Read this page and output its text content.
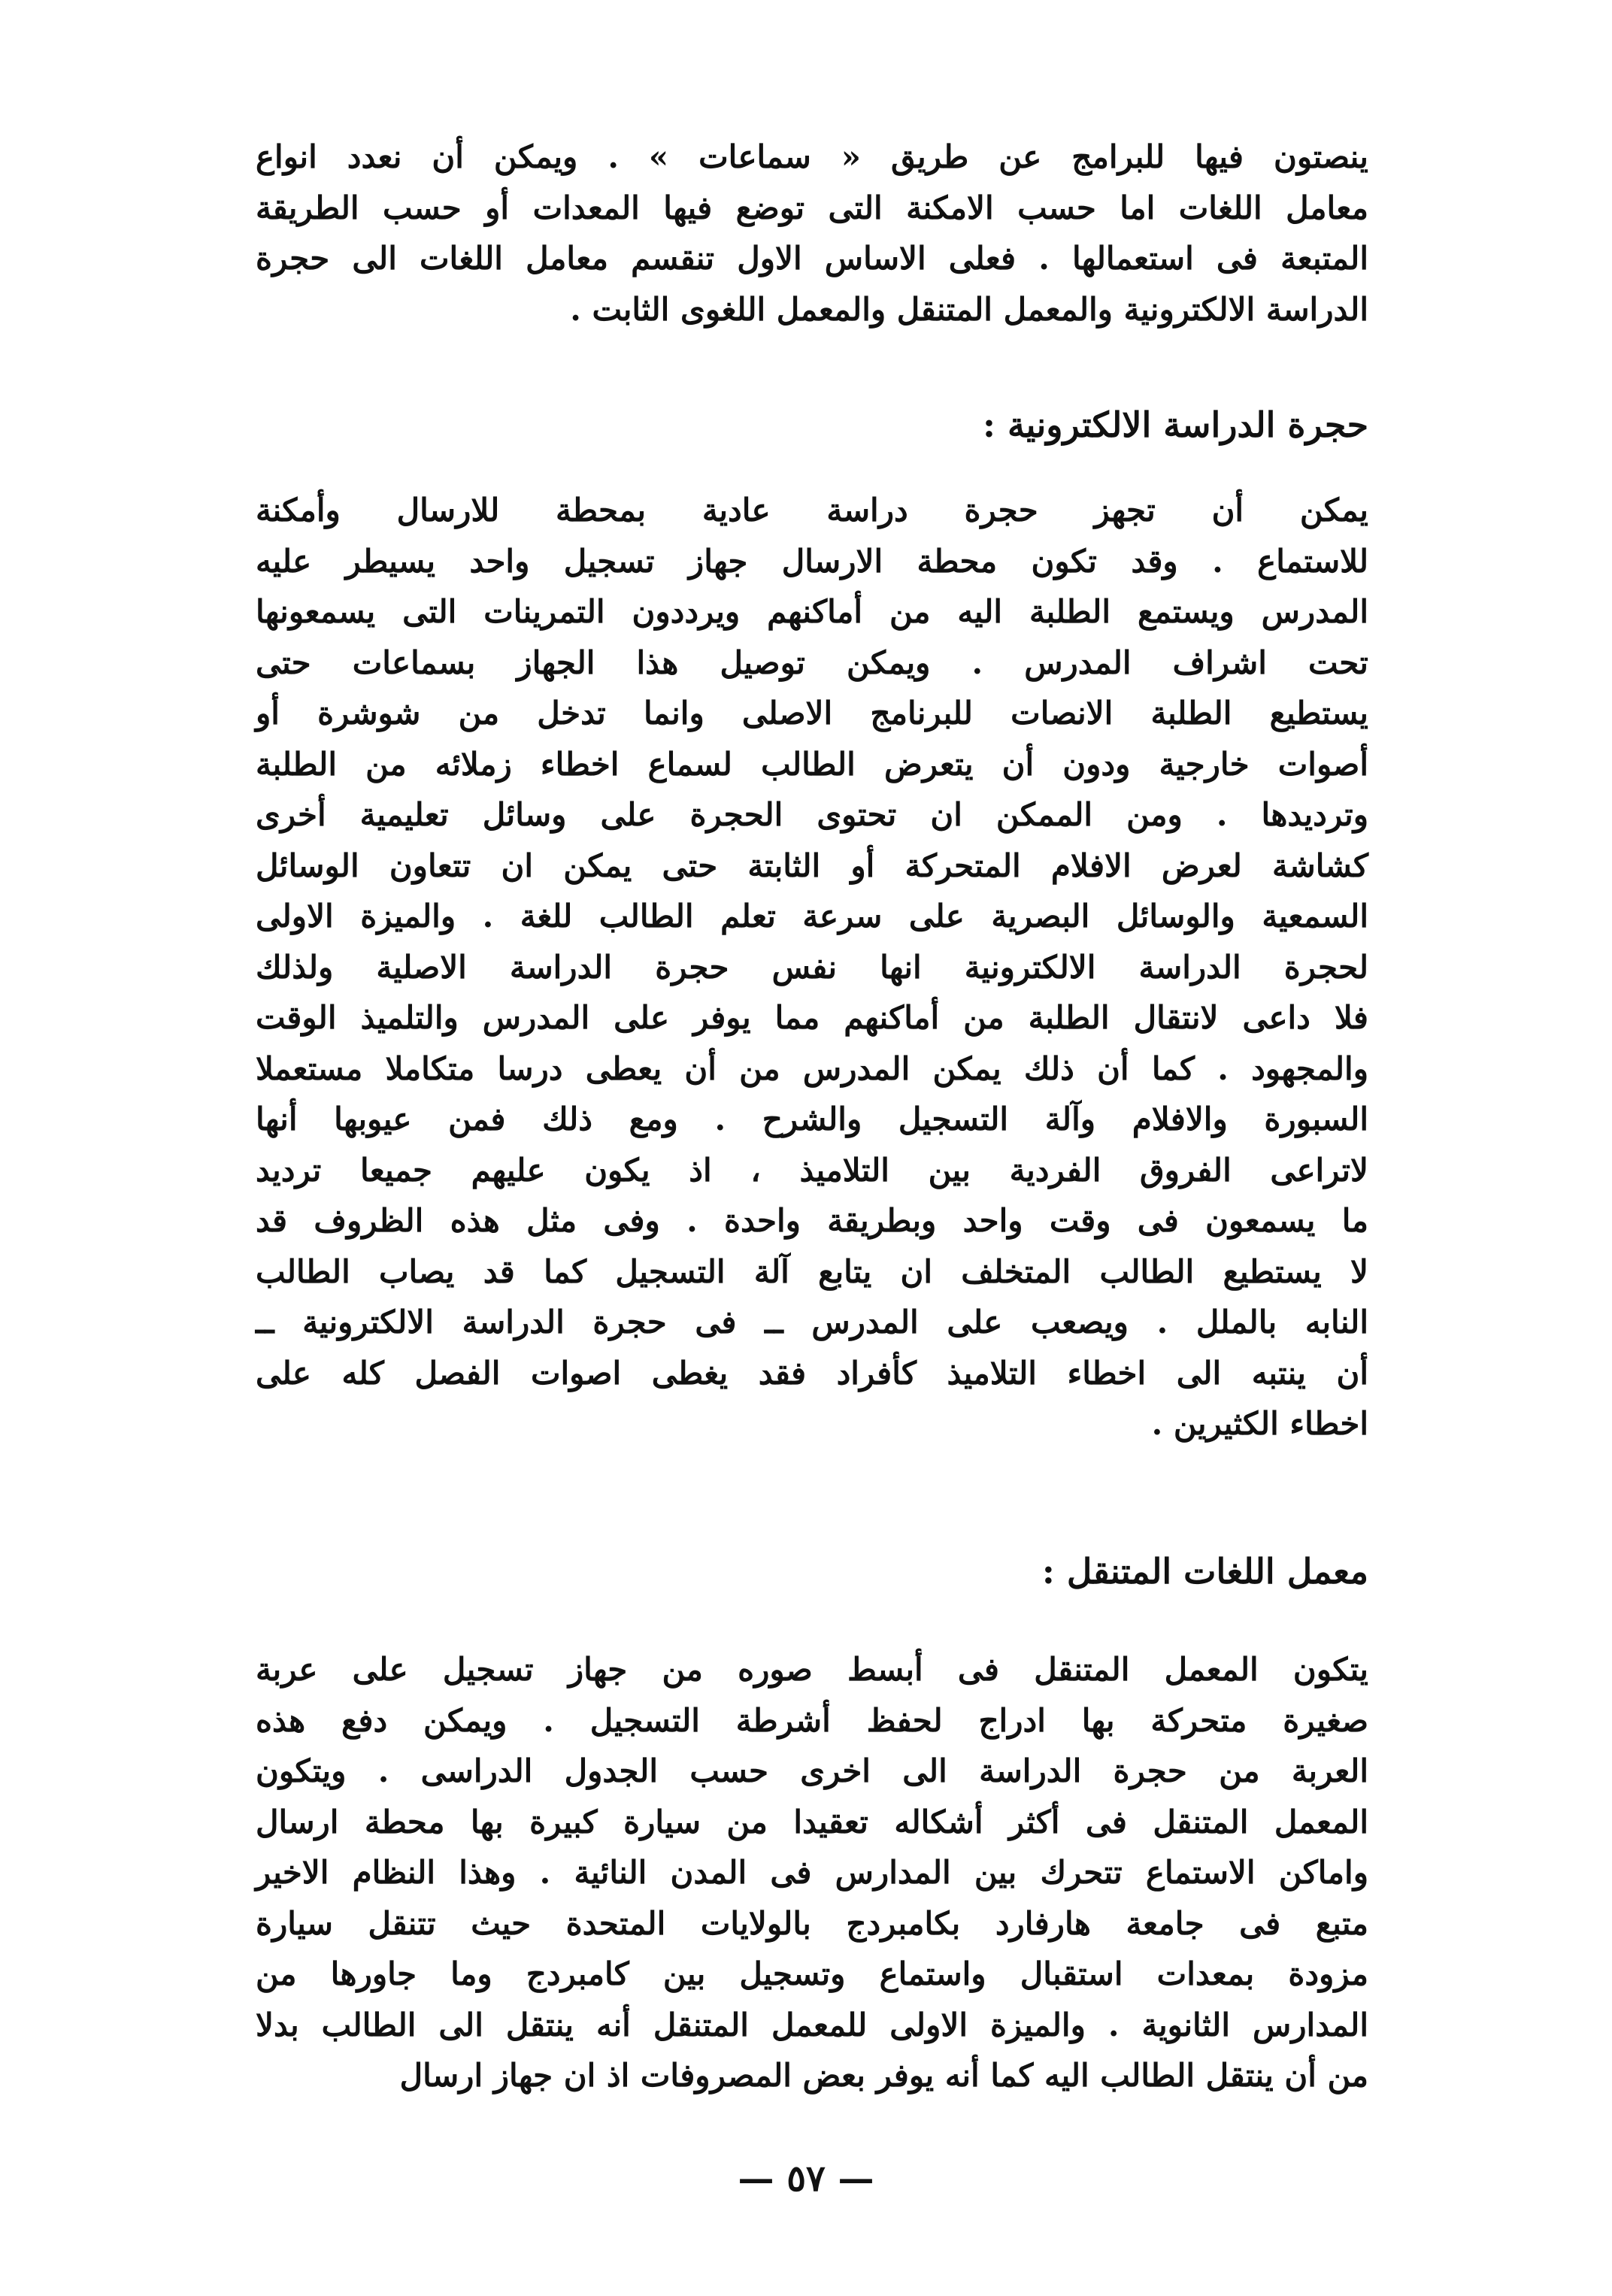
ينصتون فيها للبرامج عن طريق « سماعات » . ويمكن أن نعدد انواع
معامل اللغات اما حسب الامكنة التى توضع فيها المعدات أو حسب الطريقة
المتبعة فى استعمالها . فعلى الاساس الاول تنقسم معامل اللغات الى حجرة
الدراسة الالكترونية والمعمل المتنقل والمعمل اللغوى الثابت .

حجرة الدراسة الالكترونية :

يمكن أن تجهز حجرة دراسة عادية بمحطة للارسال وأمكنة
للاستماع . وقد تكون محطة الارسال جهاز تسجيل واحد يسيطر عليه
المدرس ويستمع الطلبة اليه من أماكنهم ويرددون التمرينات التى يسمعونها
تحت اشراف المدرس . ويمكن توصيل هذا الجهاز بسماعات حتى
يستطيع الطلبة الانصات للبرنامج الاصلى وانما تدخل من شوشرة أو
أصوات خارجية ودون أن يتعرض الطالب لسماع اخطاء زملائه من الطلبة
وترديدها . ومن الممكن ان تحتوى الحجرة على وسائل تعليمية أخرى
كشاشة لعرض الافلام المتحركة أو الثابتة حتى يمكن ان تتعاون الوسائل
السمعية والوسائل البصرية على سرعة تعلم الطالب للغة . والميزة الاولى
لحجرة الدراسة الالكترونية انها نفس حجرة الدراسة الاصلية ولذلك
فلا داعى لانتقال الطلبة من أماكنهم مما يوفر على المدرس والتلميذ الوقت
والمجهود . كما أن ذلك يمكن المدرس من أن يعطى درسا متكاملا مستعملا
السبورة والافلام وآلة التسجيل والشرح . ومع ذلك فمن عيوبها أنها
لاتراعى الفروق الفردية بين التلاميذ ، اذ يكون عليهم جميعا ترديد
ما يسمعون فى وقت واحد وبطريقة واحدة . وفى مثل هذه الظروف قد
لا يستطيع الطالب المتخلف ان يتابع آلة التسجيل كما قد يصاب الطالب
النابه بالملل . ويصعب على المدرس ــ فى حجرة الدراسة الالكترونية ــ
أن ينتبه الى اخطاء التلاميذ كأفراد فقد يغطى اصوات الفصل كله على
اخطاء الكثيرين .

معمل اللغات المتنقل :

يتكون المعمل المتنقل فى أبسط صوره من جهاز تسجيل على عربة
صغيرة متحركة بها ادراج لحفظ أشرطة التسجيل . ويمكن دفع هذه
العربة من حجرة الدراسة الى اخرى حسب الجدول الدراسى . ويتكون
المعمل المتنقل فى أكثر أشكاله تعقيدا من سيارة كبيرة بها محطة ارسال
واماكن الاستماع تتحرك بين المدارس فى المدن النائية . وهذا النظام الاخير
متبع فى جامعة هارفارد بكامبردج بالولايات المتحدة حيث تتنقل سيارة
مزودة بمعدات استقبال واستماع وتسجيل بين كامبردج وما جاورها من
المدارس الثانوية . والميزة الاولى للمعمل المتنقل أنه ينتقل الى الطالب بدلا
من أن ينتقل الطالب اليه كما أنه يوفر بعض المصروفات اذ ان جهاز ارسال

— ٥٧ —
